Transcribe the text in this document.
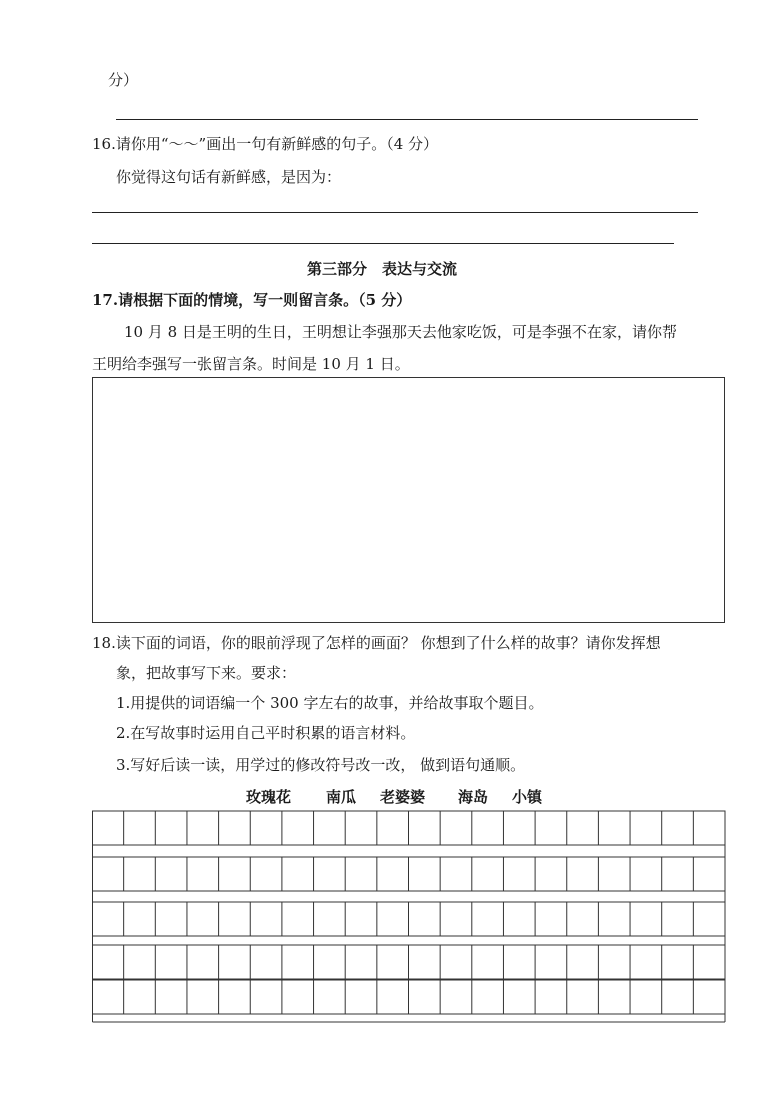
分）
16.请你用“～～”画出一句有新鲜感的句子。（4 分）
你觉得这句话有新鲜感，是因为：
第三部分　表达与交流
17.请根据下面的情境，写一则留言条。（5 分）
10 月 8 日是王明的生日，王明想让李强那天去他家吃饭，可是李强不在家，请你帮
王明给李强写一张留言条。时间是 10 月 1 日。
18.读下面的词语，你的眼前浮现了怎样的画面？ 你想到了什么样的故事？请你发挥想
象，把故事写下来。要求：
1.用提供的词语编一个 300 字左右的故事，并给故事取个题目。
2.在写故事时运用自己平时积累的语言材料。
3.写好后读一读，用学过的修改符号改一改， 做到语句通顺。
玫瑰花 南瓜 老婆婆 海岛 小镇
